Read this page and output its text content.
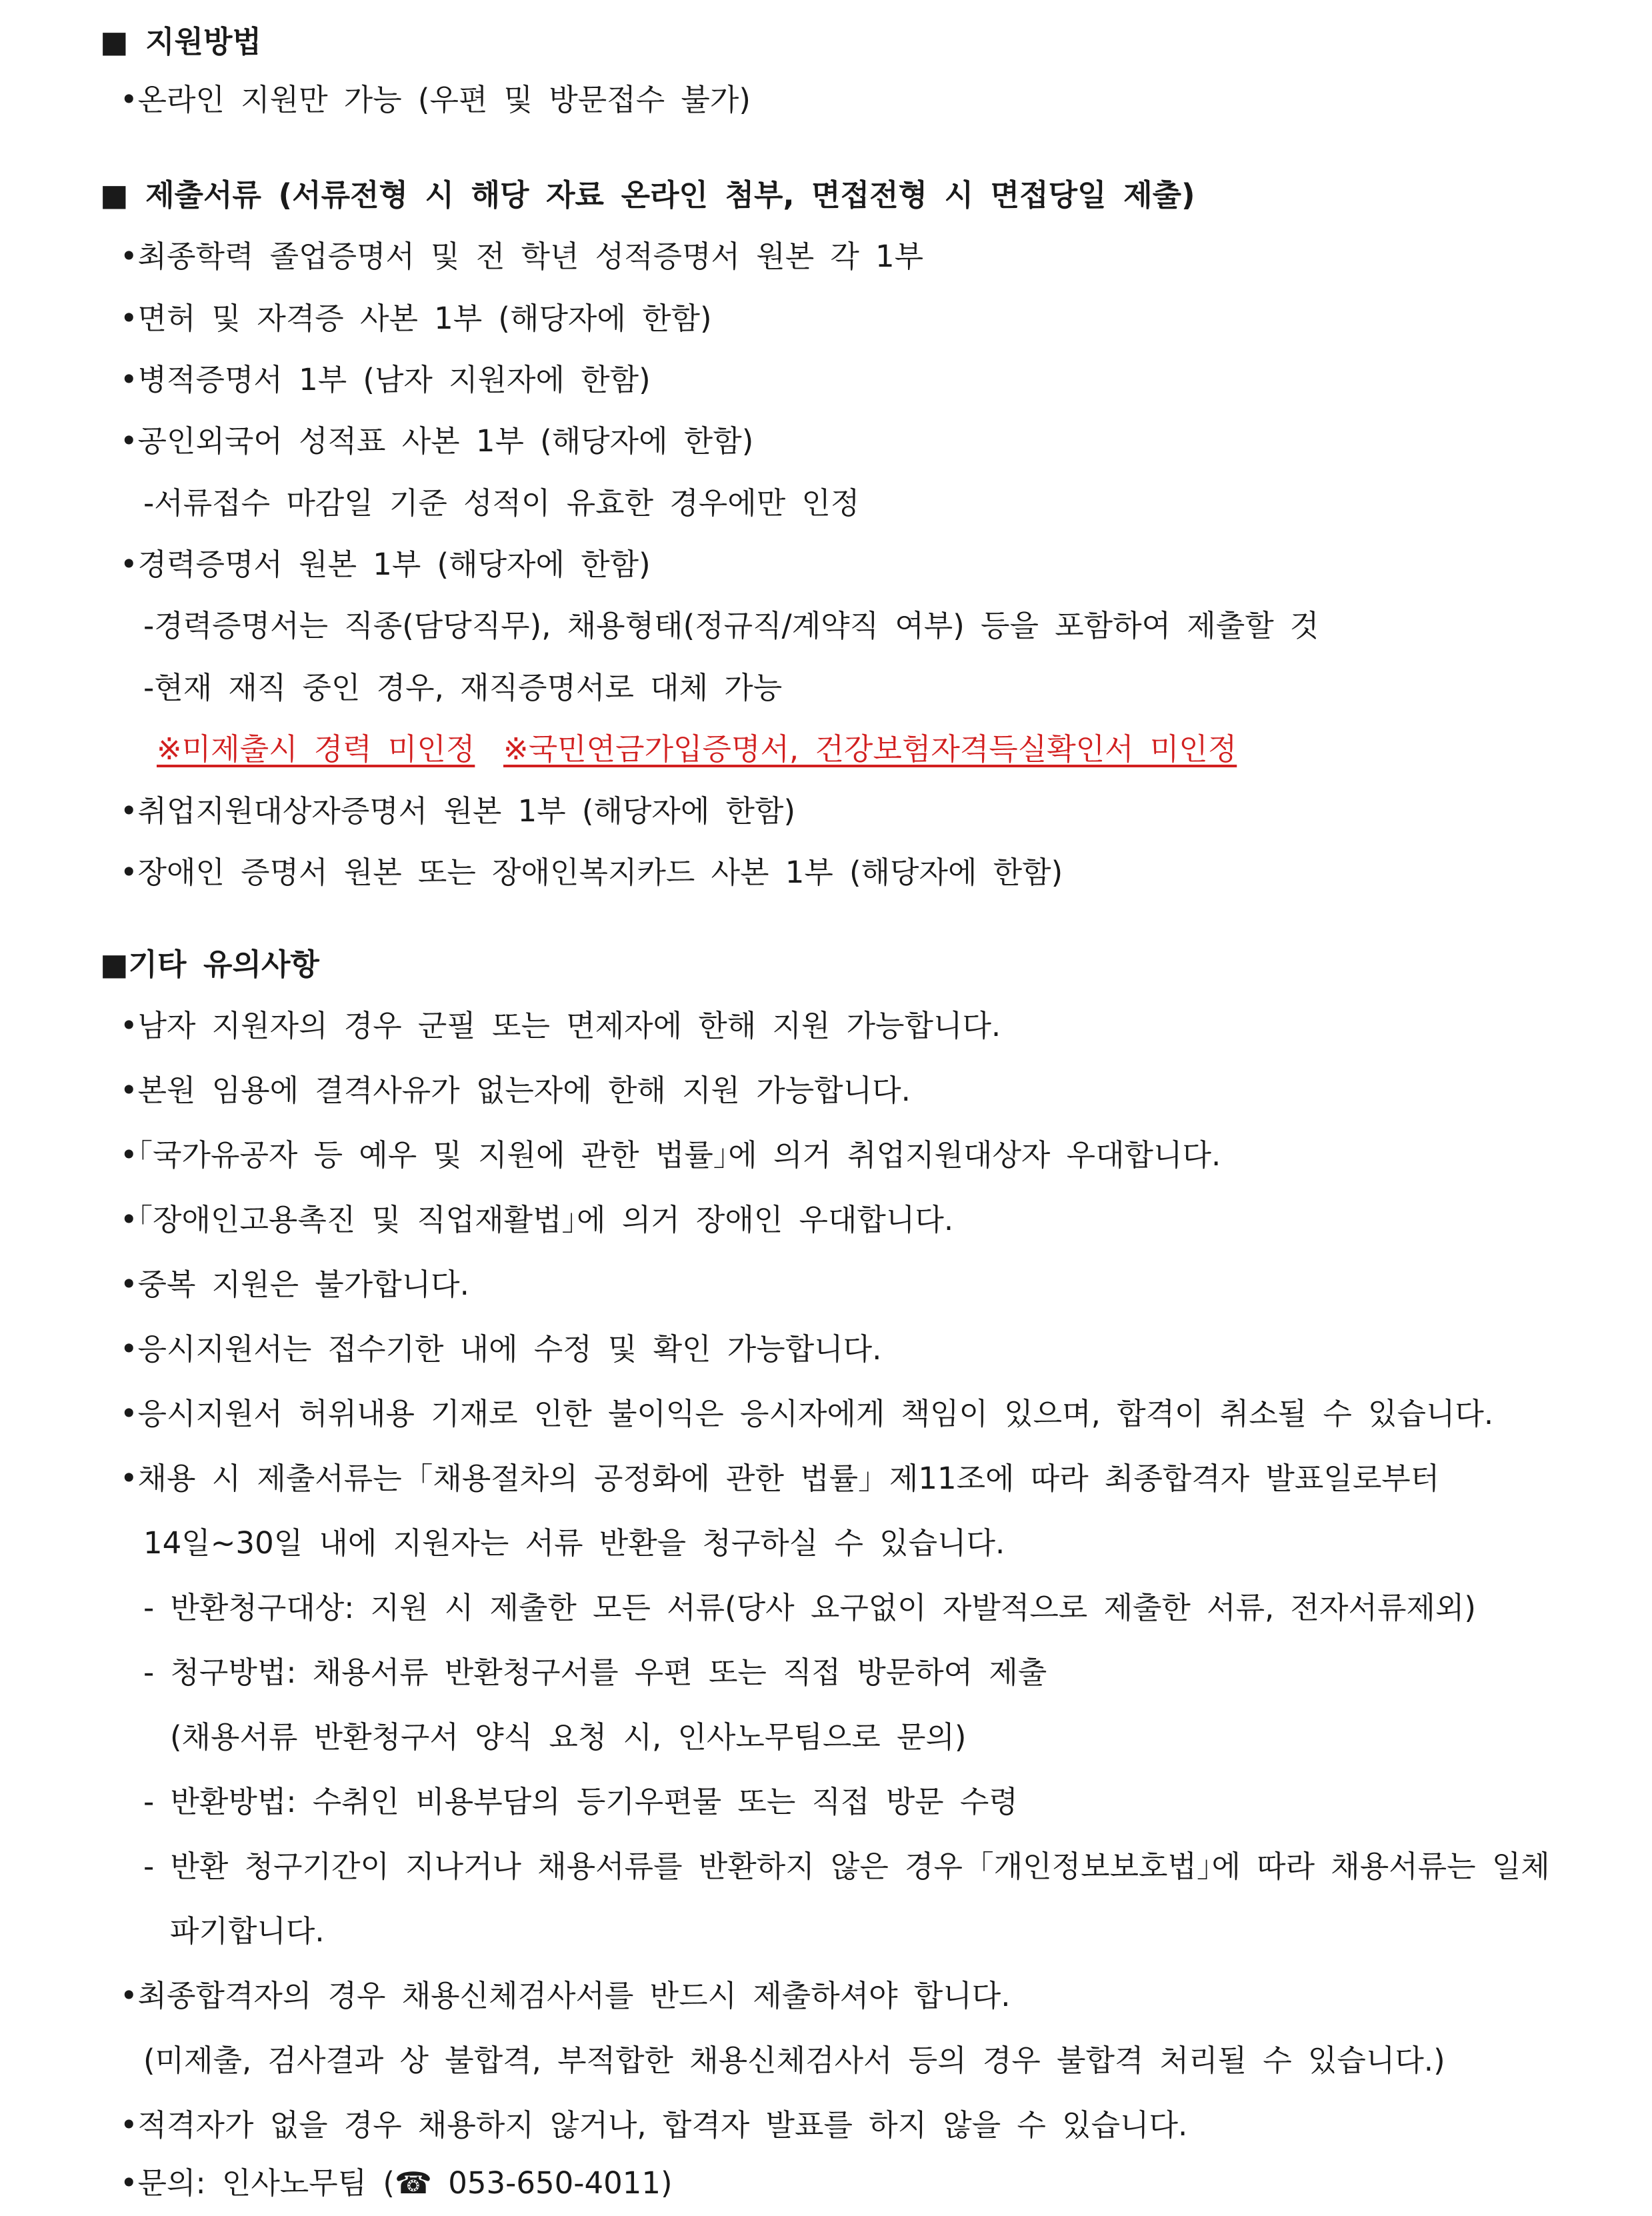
■ 지원방법
•온라인 지원만 가능 (우편 및 방문접수 불가)
■ 제출서류 (서류전형 시 해당 자료 온라인 첨부, 면접전형 시 면접당일 제출)
•최종학력 졸업증명서 및 전 학년 성적증명서 원본 각 1부
•면허 및 자격증 사본 1부 (해당자에 한함)
•병적증명서 1부 (남자 지원자에 한함)
•공인외국어 성적표 사본 1부 (해당자에 한함)
-서류접수 마감일 기준 성적이 유효한 경우에만 인정
•경력증명서 원본 1부 (해당자에 한함)
-경력증명서는 직종(담당직무), 채용형태(정규직/계약직 여부) 등을 포함하여 제출할 것
-현재 재직 중인 경우, 재직증명서로 대체 가능
※미제출시 경력 미인정 ※국민연금가입증명서, 건강보험자격득실확인서 미인정
•취업지원대상자증명서 원본 1부 (해당자에 한함)
•장애인 증명서 원본 또는 장애인복지카드 사본 1부 (해당자에 한함)
■기타 유의사항
•남자 지원자의 경우 군필 또는 면제자에 한해 지원 가능합니다.
•본원 임용에 결격사유가 없는자에 한해 지원 가능합니다.
•｢국가유공자 등 예우 및 지원에 관한 법률｣에 의거 취업지원대상자 우대합니다.
•｢장애인고용촉진 및 직업재활법｣에 의거 장애인 우대합니다.
•중복 지원은 불가합니다.
•응시지원서는 접수기한 내에 수정 및 확인 가능합니다.
•응시지원서 허위내용 기재로 인한 불이익은 응시자에게 책임이 있으며, 합격이 취소될 수 있습니다.
•채용 시 제출서류는 ｢채용절차의 공정화에 관한 법률｣ 제11조에 따라 최종합격자 발표일로부터
14일~30일 내에 지원자는 서류 반환을 청구하실 수 있습니다.
- 반환청구대상: 지원 시 제출한 모든 서류(당사 요구없이 자발적으로 제출한 서류, 전자서류제외)
- 청구방법: 채용서류 반환청구서를 우편 또는 직접 방문하여 제출
(채용서류 반환청구서 양식 요청 시, 인사노무팀으로 문의)
- 반환방법: 수취인 비용부담의 등기우편물 또는 직접 방문 수령
- 반환 청구기간이 지나거나 채용서류를 반환하지 않은 경우 ｢개인정보보호법｣에 따라 채용서류는 일체
파기합니다.
•최종합격자의 경우 채용신체검사서를 반드시 제출하셔야 합니다.
(미제출, 검사결과 상 불합격, 부적합한 채용신체검사서 등의 경우 불합격 처리될 수 있습니다.)
•적격자가 없을 경우 채용하지 않거나, 합격자 발표를 하지 않을 수 있습니다.
•문의: 인사노무팀 (☎ 053-650-4011)
